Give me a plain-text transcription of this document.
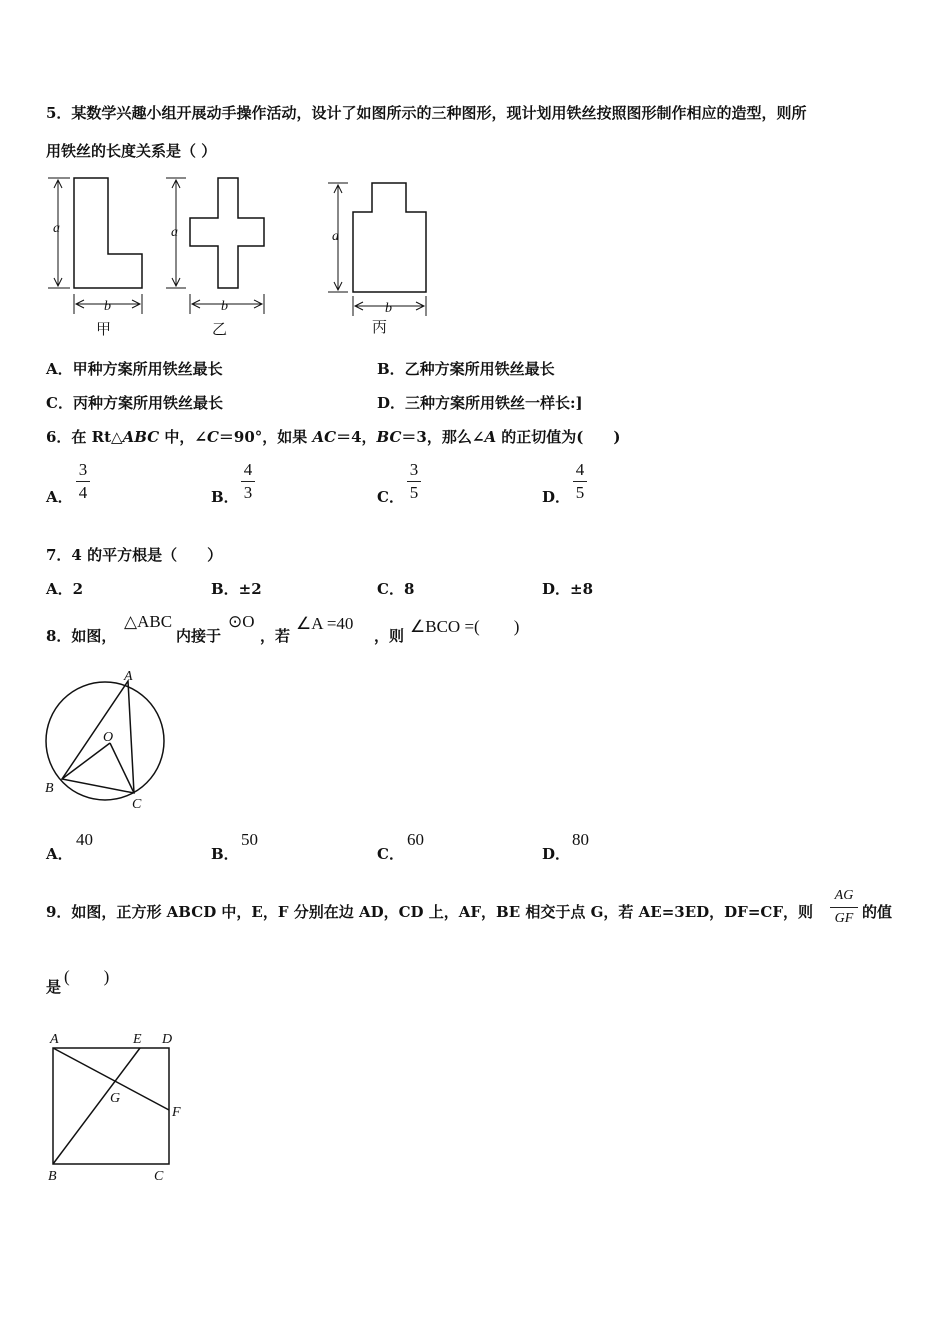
5．某数学兴趣小组开展动手操作活动，设计了如图所示的三种图形，现计划用铁丝按照图形制作相应的造型，则所
用铁丝的长度关系是（ ）
a
b
a
b
a
b
甲	乙	丙
A．甲种方案所用铁丝最长	B．乙种方案所用铁丝最长
C．丙种方案所用铁丝最长	D．三种方案所用铁丝一样长:]
6．在 Rt△ABC 中，∠C＝90°，如果 AC＝4，BC＝3，那么∠A 的正切值为(　　)
A．
3
4	B．
4
3	C．
3
5	D．
4
5
7．4 的平方根是（　　）
A．2	B．±2	C．8	D．±8
8．如图，
△ABC
内接于
⊙O
，若
∠A =40
，则 ∠BCO =(　　)
A
O
B
C
A．
40
B．
50
C．
60
D．
80
9．如图，正方形 ABCD 中，E，F 分别在边 AD，CD 上，AF，BE 相交于点 G，若 AE=3ED，DF=CF，则
AG
GF 的值
是
(　　)
A	E D
G
F
B	C
